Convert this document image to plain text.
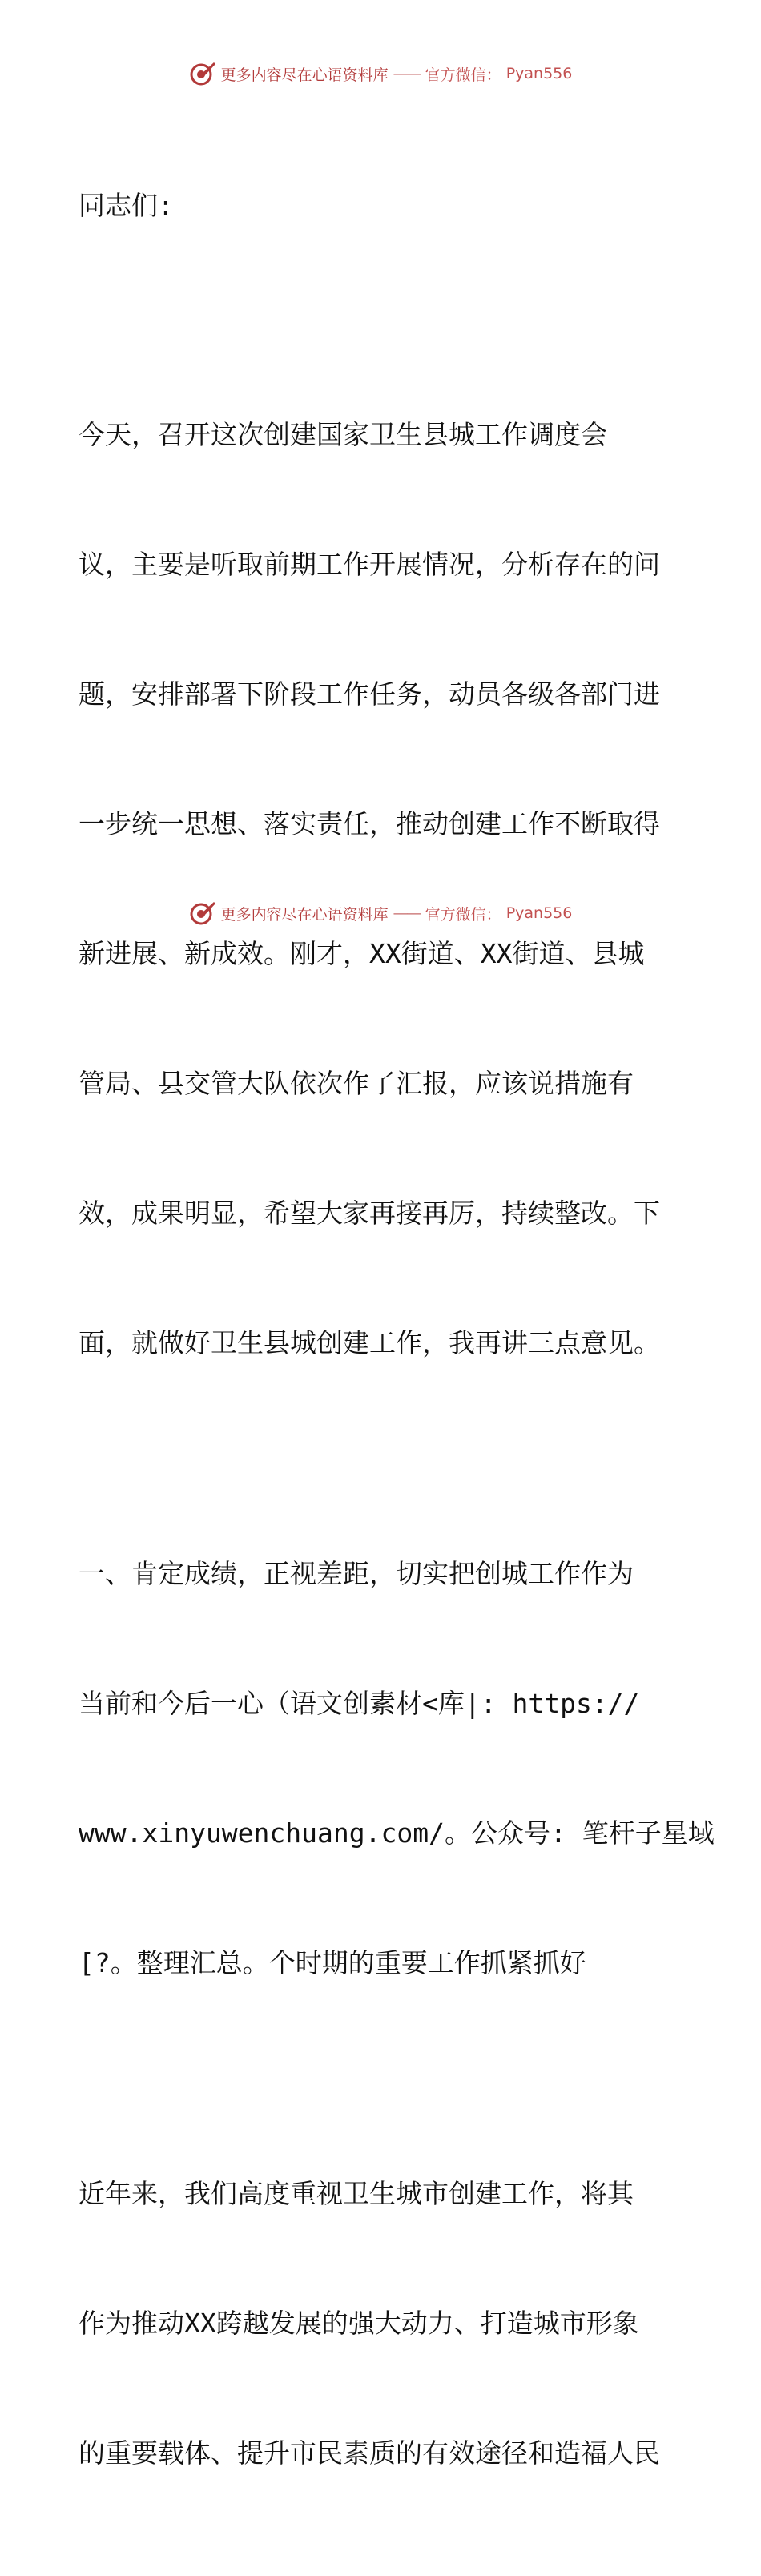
更多内容尽在心语资料库 —— 官方微信： Pyan556

同志们:

今天，召开这次创建国家卫生县城工作调度会

议，主要是听取前期工作开展情况，分析存在的问

题，安排部署下阶段工作任务，动员各级各部门进

一步统一思想、落实责任，推动创建工作不断取得

新进展、新成效。刚才，XX街道、XX街道、县城

管局、县交管大队依次作了汇报，应该说措施有

效，成果明显，希望大家再接再厉，持续整改。下

面，就做好卫生县城创建工作，我再讲三点意见。

一、肯定成绩，正视差距，切实把创城工作作为

当前和今后一心（语文创素材<库|: https://

www.xinyuwenchuang.com/。公众号: 笔杆子星域

[?。整理汇总。个时期的重要工作抓紧抓好

近年来，我们高度重视卫生城市创建工作，将其

作为推动XX跨越发展的强大动力、打造城市形象

的重要载体、提升市民素质的有效途径和造福人民

更多内容尽在心语资料库 —— 官方微信： Pyan556
